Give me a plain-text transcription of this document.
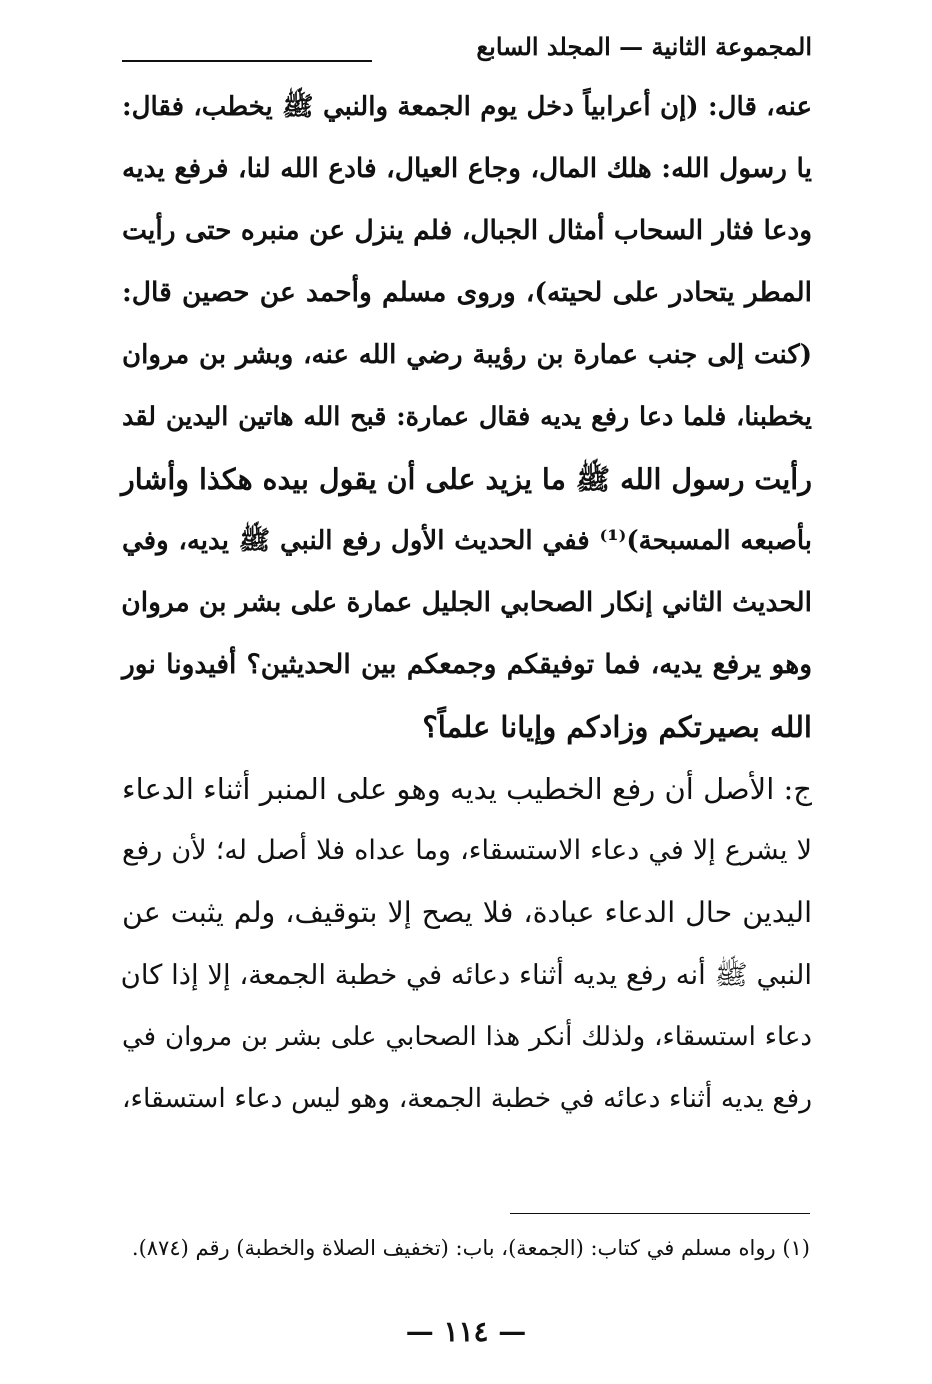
المجموعة الثانية — المجلد السابع
عنه، قال: (إن أعرابياً دخل يوم الجمعة والنبي ﷺ يخطب، فقال:
يا رسول الله: هلك المال، وجاع العيال، فادع الله لنا، فرفع يديه
ودعا فثار السحاب أمثال الجبال، فلم ينزل عن منبره حتى رأيت
المطر يتحادر على لحيته)، وروى مسلم وأحمد عن حصين قال:
(كنت إلى جنب عمارة بن رؤيبة رضي الله عنه، وبشر بن مروان
يخطبنا، فلما دعا رفع يديه فقال عمارة: قبح الله هاتين اليدين لقد
رأيت رسول الله ﷺ ما يزيد على أن يقول بيده هكذا وأشار
بأصبعه المسبحة)⁽¹⁾ ففي الحديث الأول رفع النبي ﷺ يديه، وفي
الحديث الثاني إنكار الصحابي الجليل عمارة على بشر بن مروان
وهو يرفع يديه، فما توفيقكم وجمعكم بين الحديثين؟ أفيدونا نور
الله بصيرتكم وزادكم وإيانا علماً؟
ج: الأصل أن رفع الخطيب يديه وهو على المنبر أثناء الدعاء
لا يشرع إلا في دعاء الاستسقاء، وما عداه فلا أصل له؛ لأن رفع
اليدين حال الدعاء عبادة، فلا يصح إلا بتوقيف، ولم يثبت عن
النبي ﷺ أنه رفع يديه أثناء دعائه في خطبة الجمعة، إلا إذا كان
دعاء استسقاء، ولذلك أنكر هذا الصحابي على بشر بن مروان في
رفع يديه أثناء دعائه في خطبة الجمعة، وهو ليس دعاء استسقاء،
(١) رواه مسلم في كتاب: (الجمعة)، باب: (تخفيف الصلاة والخطبة) رقم (٨٧٤).
— ١١٤ —
